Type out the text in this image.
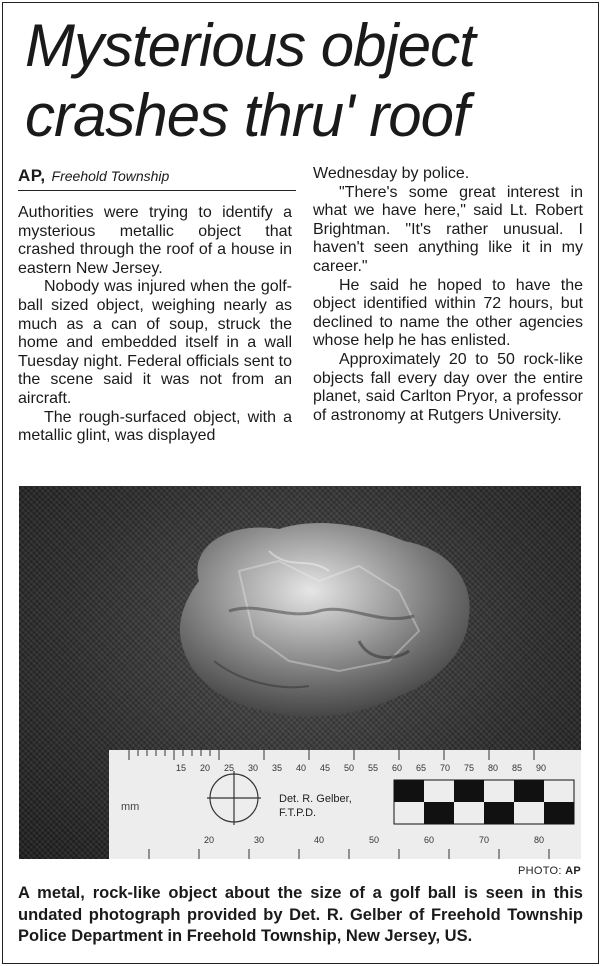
Mysterious object
crashes thru' roof
AP, Freehold Township

Authorities were trying to identify a mysterious metallic object that crashed through the roof of a house in eastern New Jersey.

Nobody was injured when the golf-ball sized object, weighing nearly as much as a can of soup, struck the home and embedded itself in a wall Tuesday night. Federal officials sent to the scene said it was not from an aircraft.

The rough-surfaced object, with a metallic glint, was displayed

Wednesday by police.

"There's some great interest in what we have here," said Lt. Robert Brightman. "It's rather unusual. I haven't seen anything like it in my career."

He said he hoped to have the object identified within 72 hours, but declined to name the other agencies whose help he has enlisted.

Approximately 20 to 50 rock-like objects fall every day over the entire planet, said Carlton Pryor, a professor of astronomy at Rutgers University.

15 20 25 30 35 40 45 50 55 60 65 70 75 80 85 90
mm
Det. R. Gelber,
F.T.P.D.
20	30	40	50	60	70	80
PHOTO: AP

A metal, rock-like object about the size of a golf ball is seen in this undated photograph provided by Det. R. Gelber of Freehold Township Police Department in Freehold Township, New Jersey, US.
